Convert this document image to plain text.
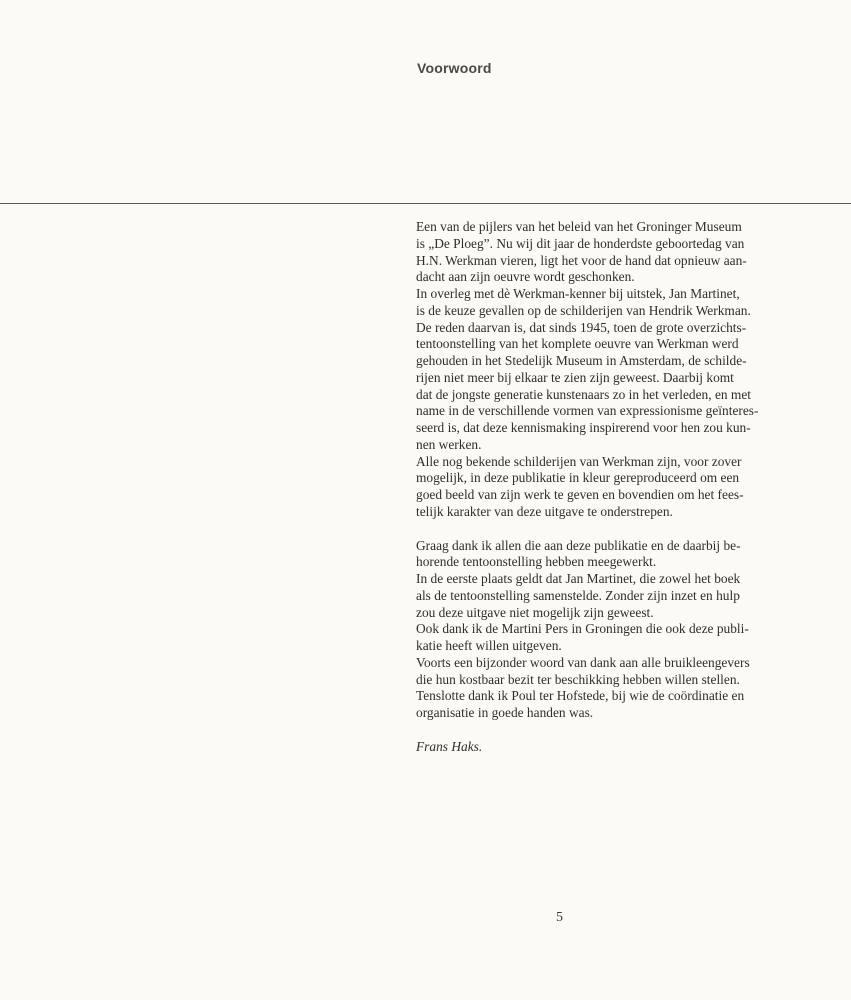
Voorwoord

Een van de pijlers van het beleid van het Groninger Museum
is „De Ploeg”. Nu wij dit jaar de honderdste geboortedag van
H.N. Werkman vieren, ligt het voor de hand dat opnieuw aan-
dacht aan zijn oeuvre wordt geschonken.
In overleg met dè Werkman-kenner bij uitstek, Jan Martinet,
is de keuze gevallen op de schilderijen van Hendrik Werkman.
De reden daarvan is, dat sinds 1945, toen de grote overzichts-
tentoonstelling van het komplete oeuvre van Werkman werd
gehouden in het Stedelijk Museum in Amsterdam, de schilde-
rijen niet meer bij elkaar te zien zijn geweest. Daarbij komt
dat de jongste generatie kunstenaars zo in het verleden, en met
name in de verschillende vormen van expressionisme geïnteres-
seerd is, dat deze kennismaking inspirerend voor hen zou kun-
nen werken.
Alle nog bekende schilderijen van Werkman zijn, voor zover
mogelijk, in deze publikatie in kleur gereproduceerd om een
goed beeld van zijn werk te geven en bovendien om het fees-
telijk karakter van deze uitgave te onderstrepen.

Graag dank ik allen die aan deze publikatie en de daarbij be-
horende tentoonstelling hebben meegewerkt.
In de eerste plaats geldt dat Jan Martinet, die zowel het boek
als de tentoonstelling samenstelde. Zonder zijn inzet en hulp
zou deze uitgave niet mogelijk zijn geweest.
Ook dank ik de Martini Pers in Groningen die ook deze publi-
katie heeft willen uitgeven.
Voorts een bijzonder woord van dank aan alle bruikleengevers
die hun kostbaar bezit ter beschikking hebben willen stellen.
Tenslotte dank ik Poul ter Hofstede, bij wie de coördinatie en
organisatie in goede handen was.

Frans Haks.

5
